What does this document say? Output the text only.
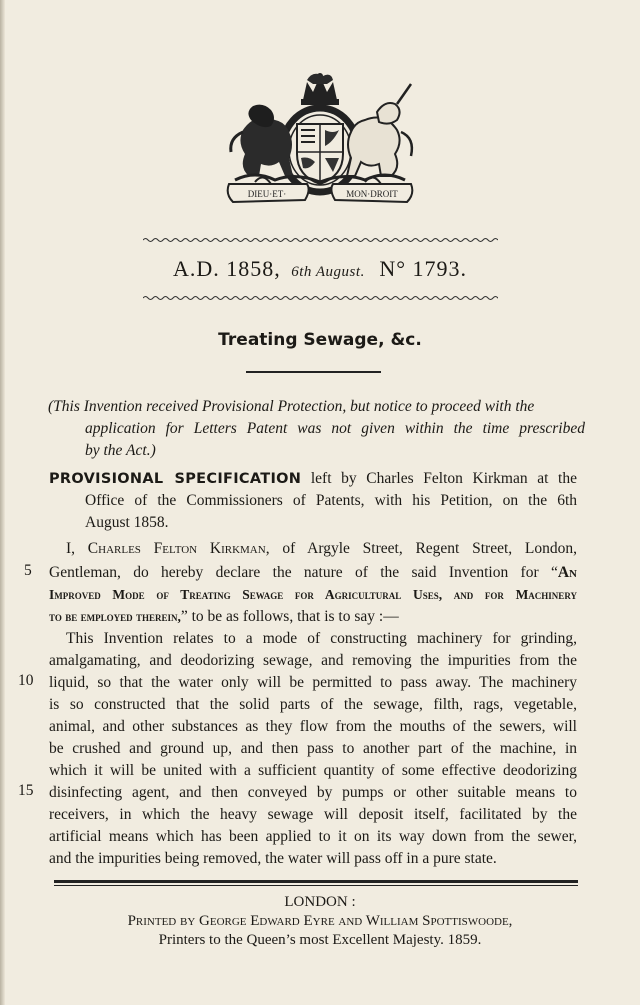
DIEU·ET·	MON·DROIT
A.D. 1858, 6th August. N° 1793.
Treating Sewage, &c.
(This Invention received Provisional Protection, but notice to proceed with the
application for Letters Patent was not given within the time prescribed
by the Act.)
PROVISIONAL SPECIFICATION left by Charles Felton Kirkman at the
Office of the Commissioners of Patents, with his Petition, on the 6th
August 1858.
I, Charles Felton Kirkman, of Argyle Street, Regent Street, London,
5 Gentleman, do hereby declare the nature of the said Invention for “An
Improved Mode of Treating Sewage for Agricultural Uses, and for Machinery
to be employed therein,” to be as follows, that is to say :—
This Invention relates to a mode of constructing machinery for grinding,
amalgamating, and deodorizing sewage, and removing the impurities from the
10 liquid, so that the water only will be permitted to pass away. The machinery
is so constructed that the solid parts of the sewage, filth, rags, vegetable,
animal, and other substances as they flow from the mouths of the sewers, will
be crushed and ground up, and then pass to another part of the machine, in
which it will be united with a sufficient quantity of some effective deodorizing
15 disinfecting agent, and then conveyed by pumps or other suitable means to
receivers, in which the heavy sewage will deposit itself, facilitated by the
artificial means which has been applied to it on its way down from the sewer,
and the impurities being removed, the water will pass off in a pure state.
LONDON :
Printed by George Edward Eyre and William Spottiswoode,
Printers to the Queen’s most Excellent Majesty. 1859.
